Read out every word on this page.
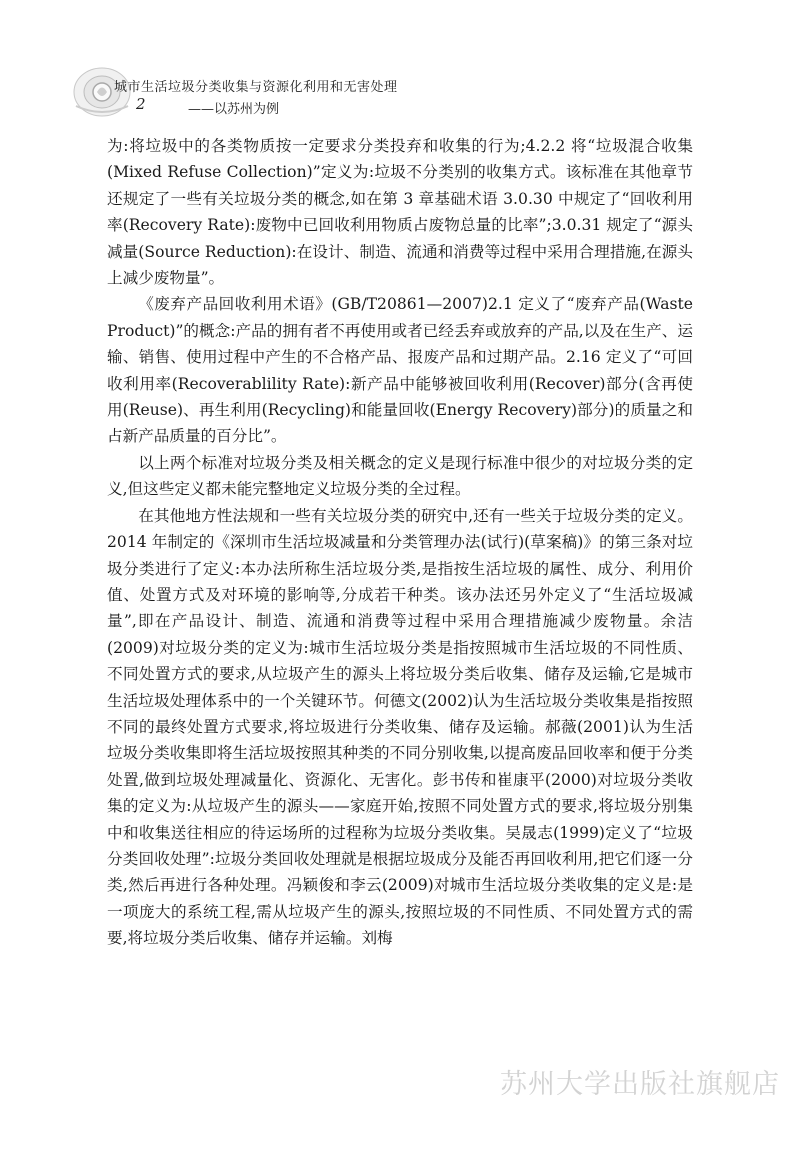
城市生活垃圾分类收集与资源化利用和无害处理
2	——以苏州为例

为:将垃圾中的各类物质按一定要求分类投弃和收集的行为;4.2.2 将“垃圾混合收集(Mixed Refuse Collection)”定义为:垃圾不分类别的收集方式。该标准在其他章节还规定了一些有关垃圾分类的概念,如在第 3 章基础术语 3.0.30 中规定了“回收利用率(Recovery Rate):废物中已回收利用物质占废物总量的比率”;3.0.31 规定了“源头减量(Source Reduction):在设计、制造、流通和消费等过程中采用合理措施,在源头上减少废物量”。

《废弃产品回收利用术语》(GB/T20861—2007)2.1 定义了“废弃产品(Waste Product)”的概念:产品的拥有者不再使用或者已经丢弃或放弃的产品,以及在生产、运输、销售、使用过程中产生的不合格产品、报废产品和过期产品。2.16 定义了“可回收利用率(Recoverablility Rate):新产品中能够被回收利用(Recover)部分(含再使用(Reuse)、再生利用(Recycling)和能量回收(Energy Recovery)部分)的质量之和占新产品质量的百分比”。

以上两个标准对垃圾分类及相关概念的定义是现行标准中很少的对垃圾分类的定义,但这些定义都未能完整地定义垃圾分类的全过程。

在其他地方性法规和一些有关垃圾分类的研究中,还有一些关于垃圾分类的定义。2014 年制定的《深圳市生活垃圾减量和分类管理办法(试行)(草案稿)》的第三条对垃圾分类进行了定义:本办法所称生活垃圾分类,是指按生活垃圾的属性、成分、利用价值、处置方式及对环境的影响等,分成若干种类。该办法还另外定义了“生活垃圾减量”,即在产品设计、制造、流通和消费等过程中采用合理措施减少废物量。余洁(2009)对垃圾分类的定义为:城市生活垃圾分类是指按照城市生活垃圾的不同性质、不同处置方式的要求,从垃圾产生的源头上将垃圾分类后收集、储存及运输,它是城市生活垃圾处理体系中的一个关键环节。何德文(2002)认为生活垃圾分类收集是指按照不同的最终处置方式要求,将垃圾进行分类收集、储存及运输。郝薇(2001)认为生活垃圾分类收集即将生活垃圾按照其种类的不同分别收集,以提高废品回收率和便于分类处置,做到垃圾处理减量化、资源化、无害化。彭书传和崔康平(2000)对垃圾分类收集的定义为:从垃圾产生的源头——家庭开始,按照不同处置方式的要求,将垃圾分别集中和收集送往相应的待运场所的过程称为垃圾分类收集。吴晟志(1999)定义了“垃圾分类回收处理”:垃圾分类回收处理就是根据垃圾成分及能否再回收利用,把它们逐一分类,然后再进行各种处理。冯颖俊和李云(2009)对城市生活垃圾分类收集的定义是:是一项庞大的系统工程,需从垃圾产生的源头,按照垃圾的不同性质、不同处置方式的需要,将垃圾分类后收集、储存并运输。刘梅

苏州大学出版社旗舰店
